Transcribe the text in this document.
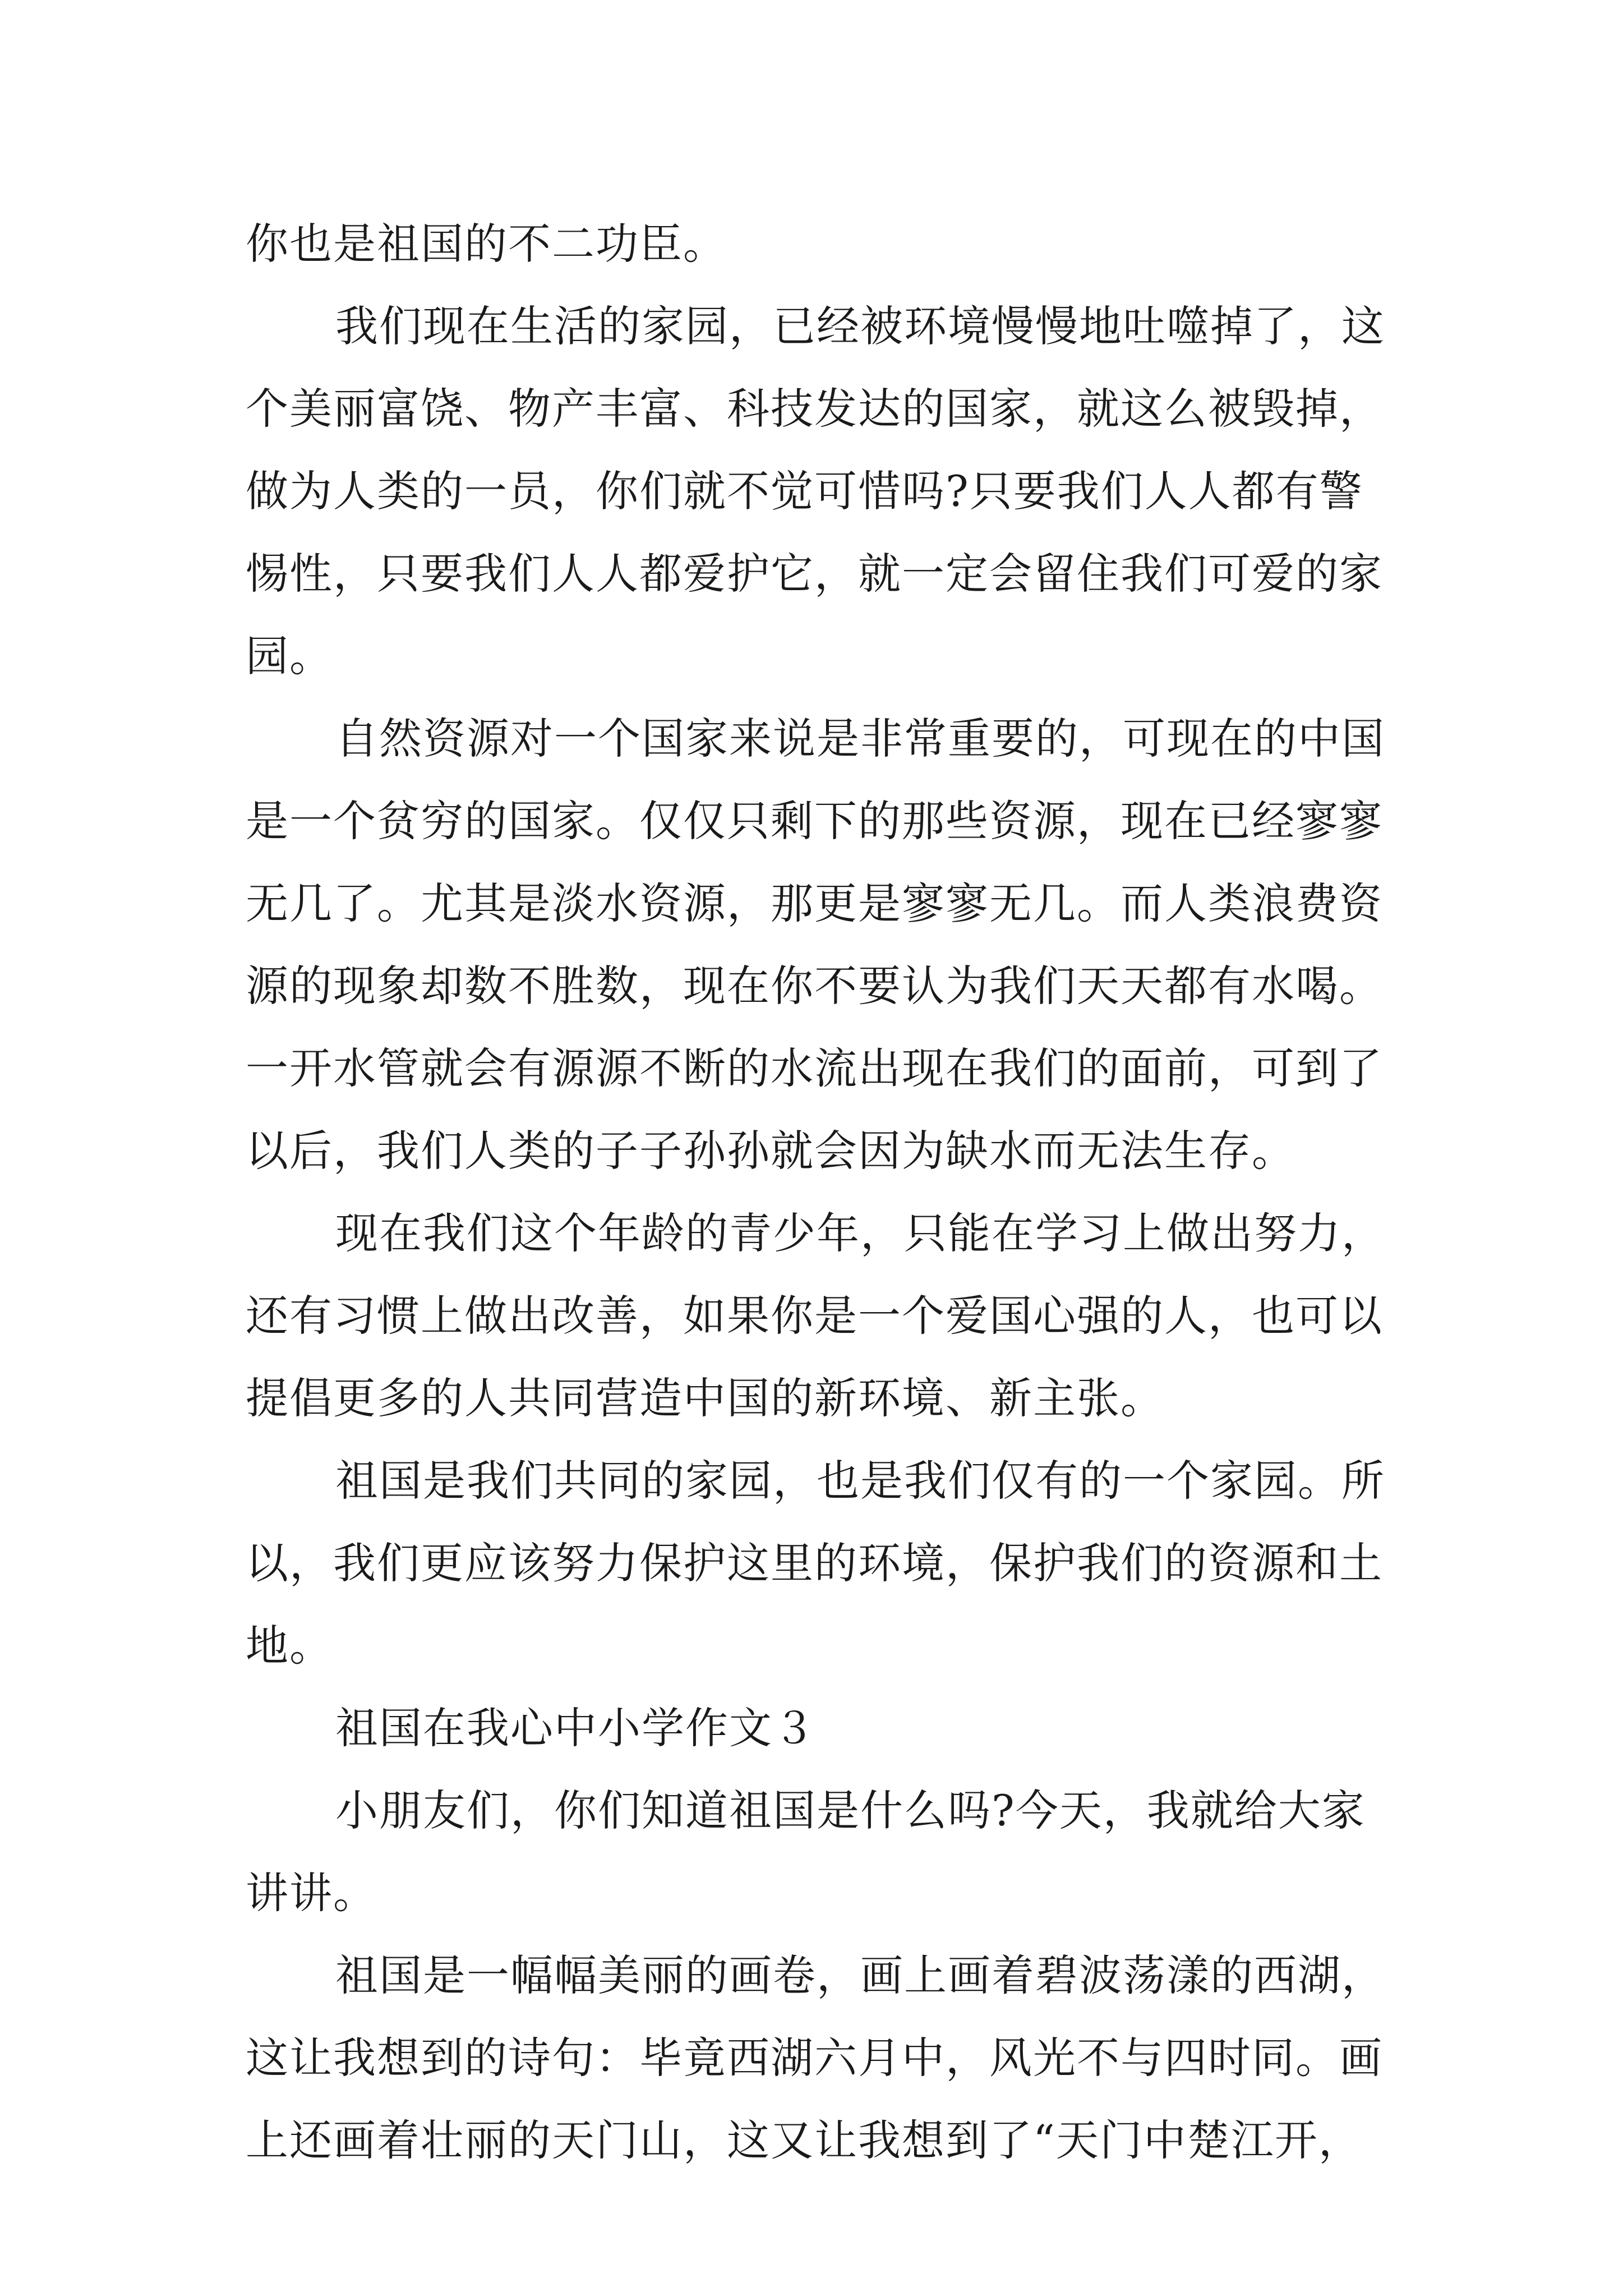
你也是祖国的不二功臣。
我们现在生活的家园，已经被环境慢慢地吐噬掉了，这
个美丽富饶、物产丰富、科技发达的国家，就这么被毁掉，
做为人类的一员，你们就不觉可惜吗?只要我们人人都有警
惕性，只要我们人人都爱护它，就一定会留住我们可爱的家
园。
自然资源对一个国家来说是非常重要的，可现在的中国
是一个贫穷的国家。仅仅只剩下的那些资源，现在已经寥寥
无几了。尤其是淡水资源，那更是寥寥无几。而人类浪费资
源的现象却数不胜数，现在你不要认为我们天天都有水喝。
一开水管就会有源源不断的水流出现在我们的面前，可到了
以后，我们人类的子子孙孙就会因为缺水而无法生存。
现在我们这个年龄的青少年，只能在学习上做出努力，
还有习惯上做出改善，如果你是一个爱国心强的人，也可以
提倡更多的人共同营造中国的新环境、新主张。
祖国是我们共同的家园，也是我们仅有的一个家园。所
以，我们更应该努力保护这里的环境，保护我们的资源和土
地。
祖国在我心中小学作文３
小朋友们，你们知道祖国是什么吗?今天，我就给大家
讲讲。
祖国是一幅幅美丽的画卷，画上画着碧波荡漾的西湖，
这让我想到的诗句：毕竟西湖六月中，风光不与四时同。画
上还画着壮丽的天门山，这又让我想到了“天门中楚江开，
